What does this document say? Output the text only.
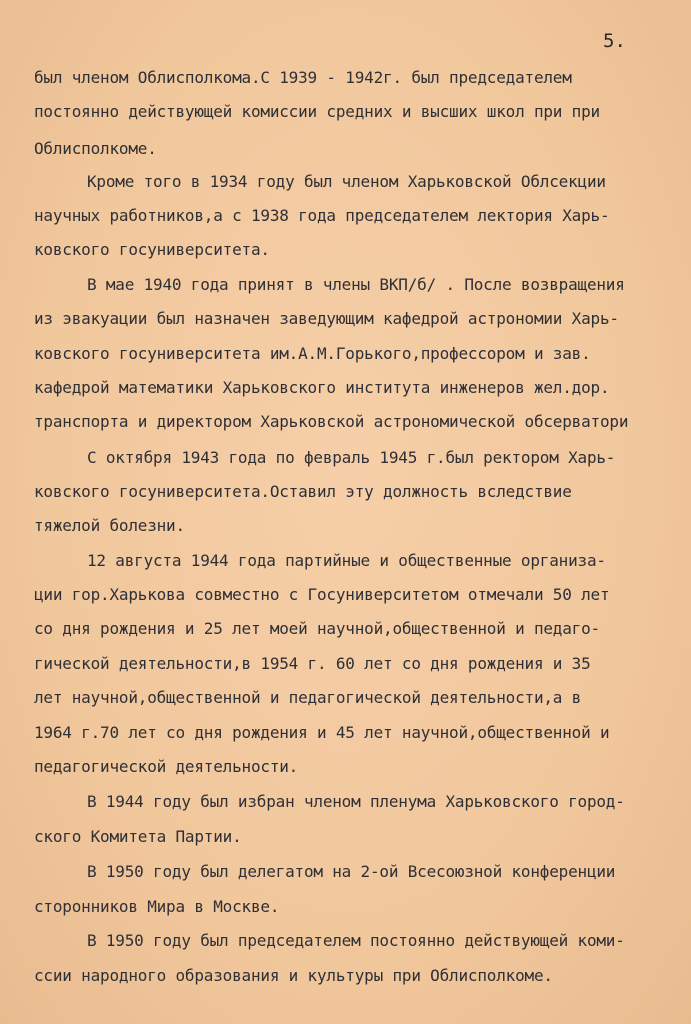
5.
был членом Облисполкома.С 1939 - 1942г. был председателем
постоянно действующей комиссии средних и высших школ при при
Облисполкоме.
Кроме того в 1934 году был членом Харьковской Облсекции
научных работников,а с 1938 года председателем лектория Харь-
ковского госуниверситета.
В мае 1940 года принят в члены ВКП/б/ . После возвращения
из эвакуации был назначен заведующим кафедрой астрономии Харь-
ковского госуниверситета им.А.М.Горького,профессором и зав.
кафедрой математики Харьковского института инженеров жел.дор.
транспорта и директором Харьковской астрономической обсерватори
С октября 1943 года по февраль 1945 г.был ректором Харь-
ковского госуниверситета.Оставил эту должность вследствие
тяжелой болезни.
12 августа 1944 года партийные и общественные организа-
ции гор.Харькова совместно с Госуниверситетом отмечали 50 лет
со дня рождения и 25 лет моей научной,общественной и педаго-
гической деятельности,в 1954 г. 60 лет со дня рождения и 35
лет научной,общественной и педагогической деятельности,а в
1964 г.70 лет со дня рождения и 45 лет научной,общественной и
педагогической деятельности.
В 1944 году был избран членом пленума Харьковского город-
ского Комитета Партии.
В 1950 году был делегатом на 2-ой Всесоюзной конференции
сторонников Мира в Москве.
В 1950 году был председателем постоянно действующей коми-
ссии народного образования и культуры при Облисполкоме.
